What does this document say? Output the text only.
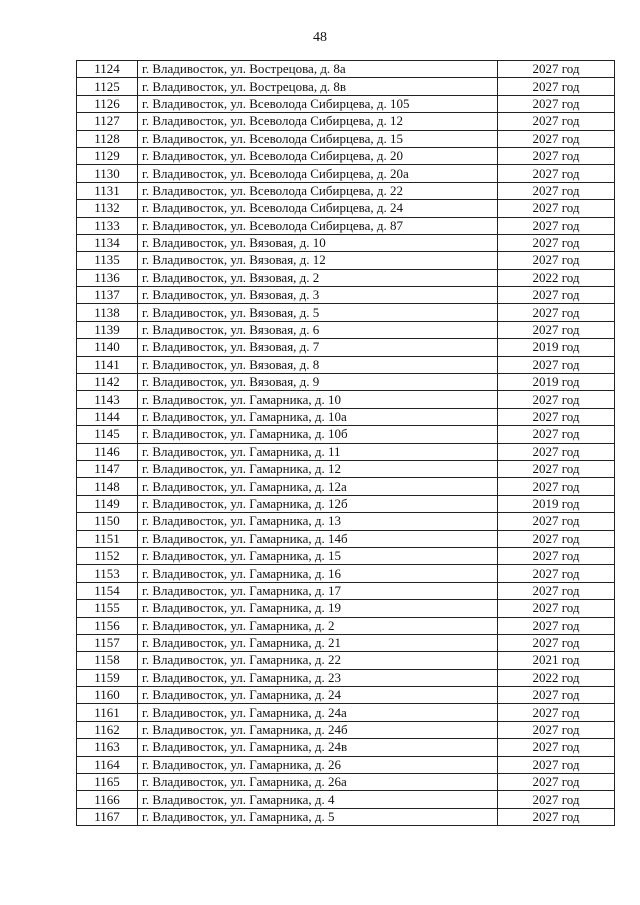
48
1124	г. Владивосток, ул. Вострецова, д. 8а	2027 год
1125	г. Владивосток, ул. Вострецова, д. 8в	2027 год
1126	г. Владивосток, ул. Всеволода Сибирцева, д. 105	2027 год
1127	г. Владивосток, ул. Всеволода Сибирцева, д. 12	2027 год
1128	г. Владивосток, ул. Всеволода Сибирцева, д. 15	2027 год
1129	г. Владивосток, ул. Всеволода Сибирцева, д. 20	2027 год
1130	г. Владивосток, ул. Всеволода Сибирцева, д. 20а	2027 год
1131	г. Владивосток, ул. Всеволода Сибирцева, д. 22	2027 год
1132	г. Владивосток, ул. Всеволода Сибирцева, д. 24	2027 год
1133	г. Владивосток, ул. Всеволода Сибирцева, д. 87	2027 год
1134	г. Владивосток, ул. Вязовая, д. 10	2027 год
1135	г. Владивосток, ул. Вязовая, д. 12	2027 год
1136	г. Владивосток, ул. Вязовая, д. 2	2022 год
1137	г. Владивосток, ул. Вязовая, д. 3	2027 год
1138	г. Владивосток, ул. Вязовая, д. 5	2027 год
1139	г. Владивосток, ул. Вязовая, д. 6	2027 год
1140	г. Владивосток, ул. Вязовая, д. 7	2019 год
1141	г. Владивосток, ул. Вязовая, д. 8	2027 год
1142	г. Владивосток, ул. Вязовая, д. 9	2019 год
1143	г. Владивосток, ул. Гамарника, д. 10	2027 год
1144	г. Владивосток, ул. Гамарника, д. 10а	2027 год
1145	г. Владивосток, ул. Гамарника, д. 10б	2027 год
1146	г. Владивосток, ул. Гамарника, д. 11	2027 год
1147	г. Владивосток, ул. Гамарника, д. 12	2027 год
1148	г. Владивосток, ул. Гамарника, д. 12а	2027 год
1149	г. Владивосток, ул. Гамарника, д. 12б	2019 год
1150	г. Владивосток, ул. Гамарника, д. 13	2027 год
1151	г. Владивосток, ул. Гамарника, д. 14б	2027 год
1152	г. Владивосток, ул. Гамарника, д. 15	2027 год
1153	г. Владивосток, ул. Гамарника, д. 16	2027 год
1154	г. Владивосток, ул. Гамарника, д. 17	2027 год
1155	г. Владивосток, ул. Гамарника, д. 19	2027 год
1156	г. Владивосток, ул. Гамарника, д. 2	2027 год
1157	г. Владивосток, ул. Гамарника, д. 21	2027 год
1158	г. Владивосток, ул. Гамарника, д. 22	2021 год
1159	г. Владивосток, ул. Гамарника, д. 23	2022 год
1160	г. Владивосток, ул. Гамарника, д. 24	2027 год
1161	г. Владивосток, ул. Гамарника, д. 24а	2027 год
1162	г. Владивосток, ул. Гамарника, д. 24б	2027 год
1163	г. Владивосток, ул. Гамарника, д. 24в	2027 год
1164	г. Владивосток, ул. Гамарника, д. 26	2027 год
1165	г. Владивосток, ул. Гамарника, д. 26а	2027 год
1166	г. Владивосток, ул. Гамарника, д. 4	2027 год
1167	г. Владивосток, ул. Гамарника, д. 5	2027 год
